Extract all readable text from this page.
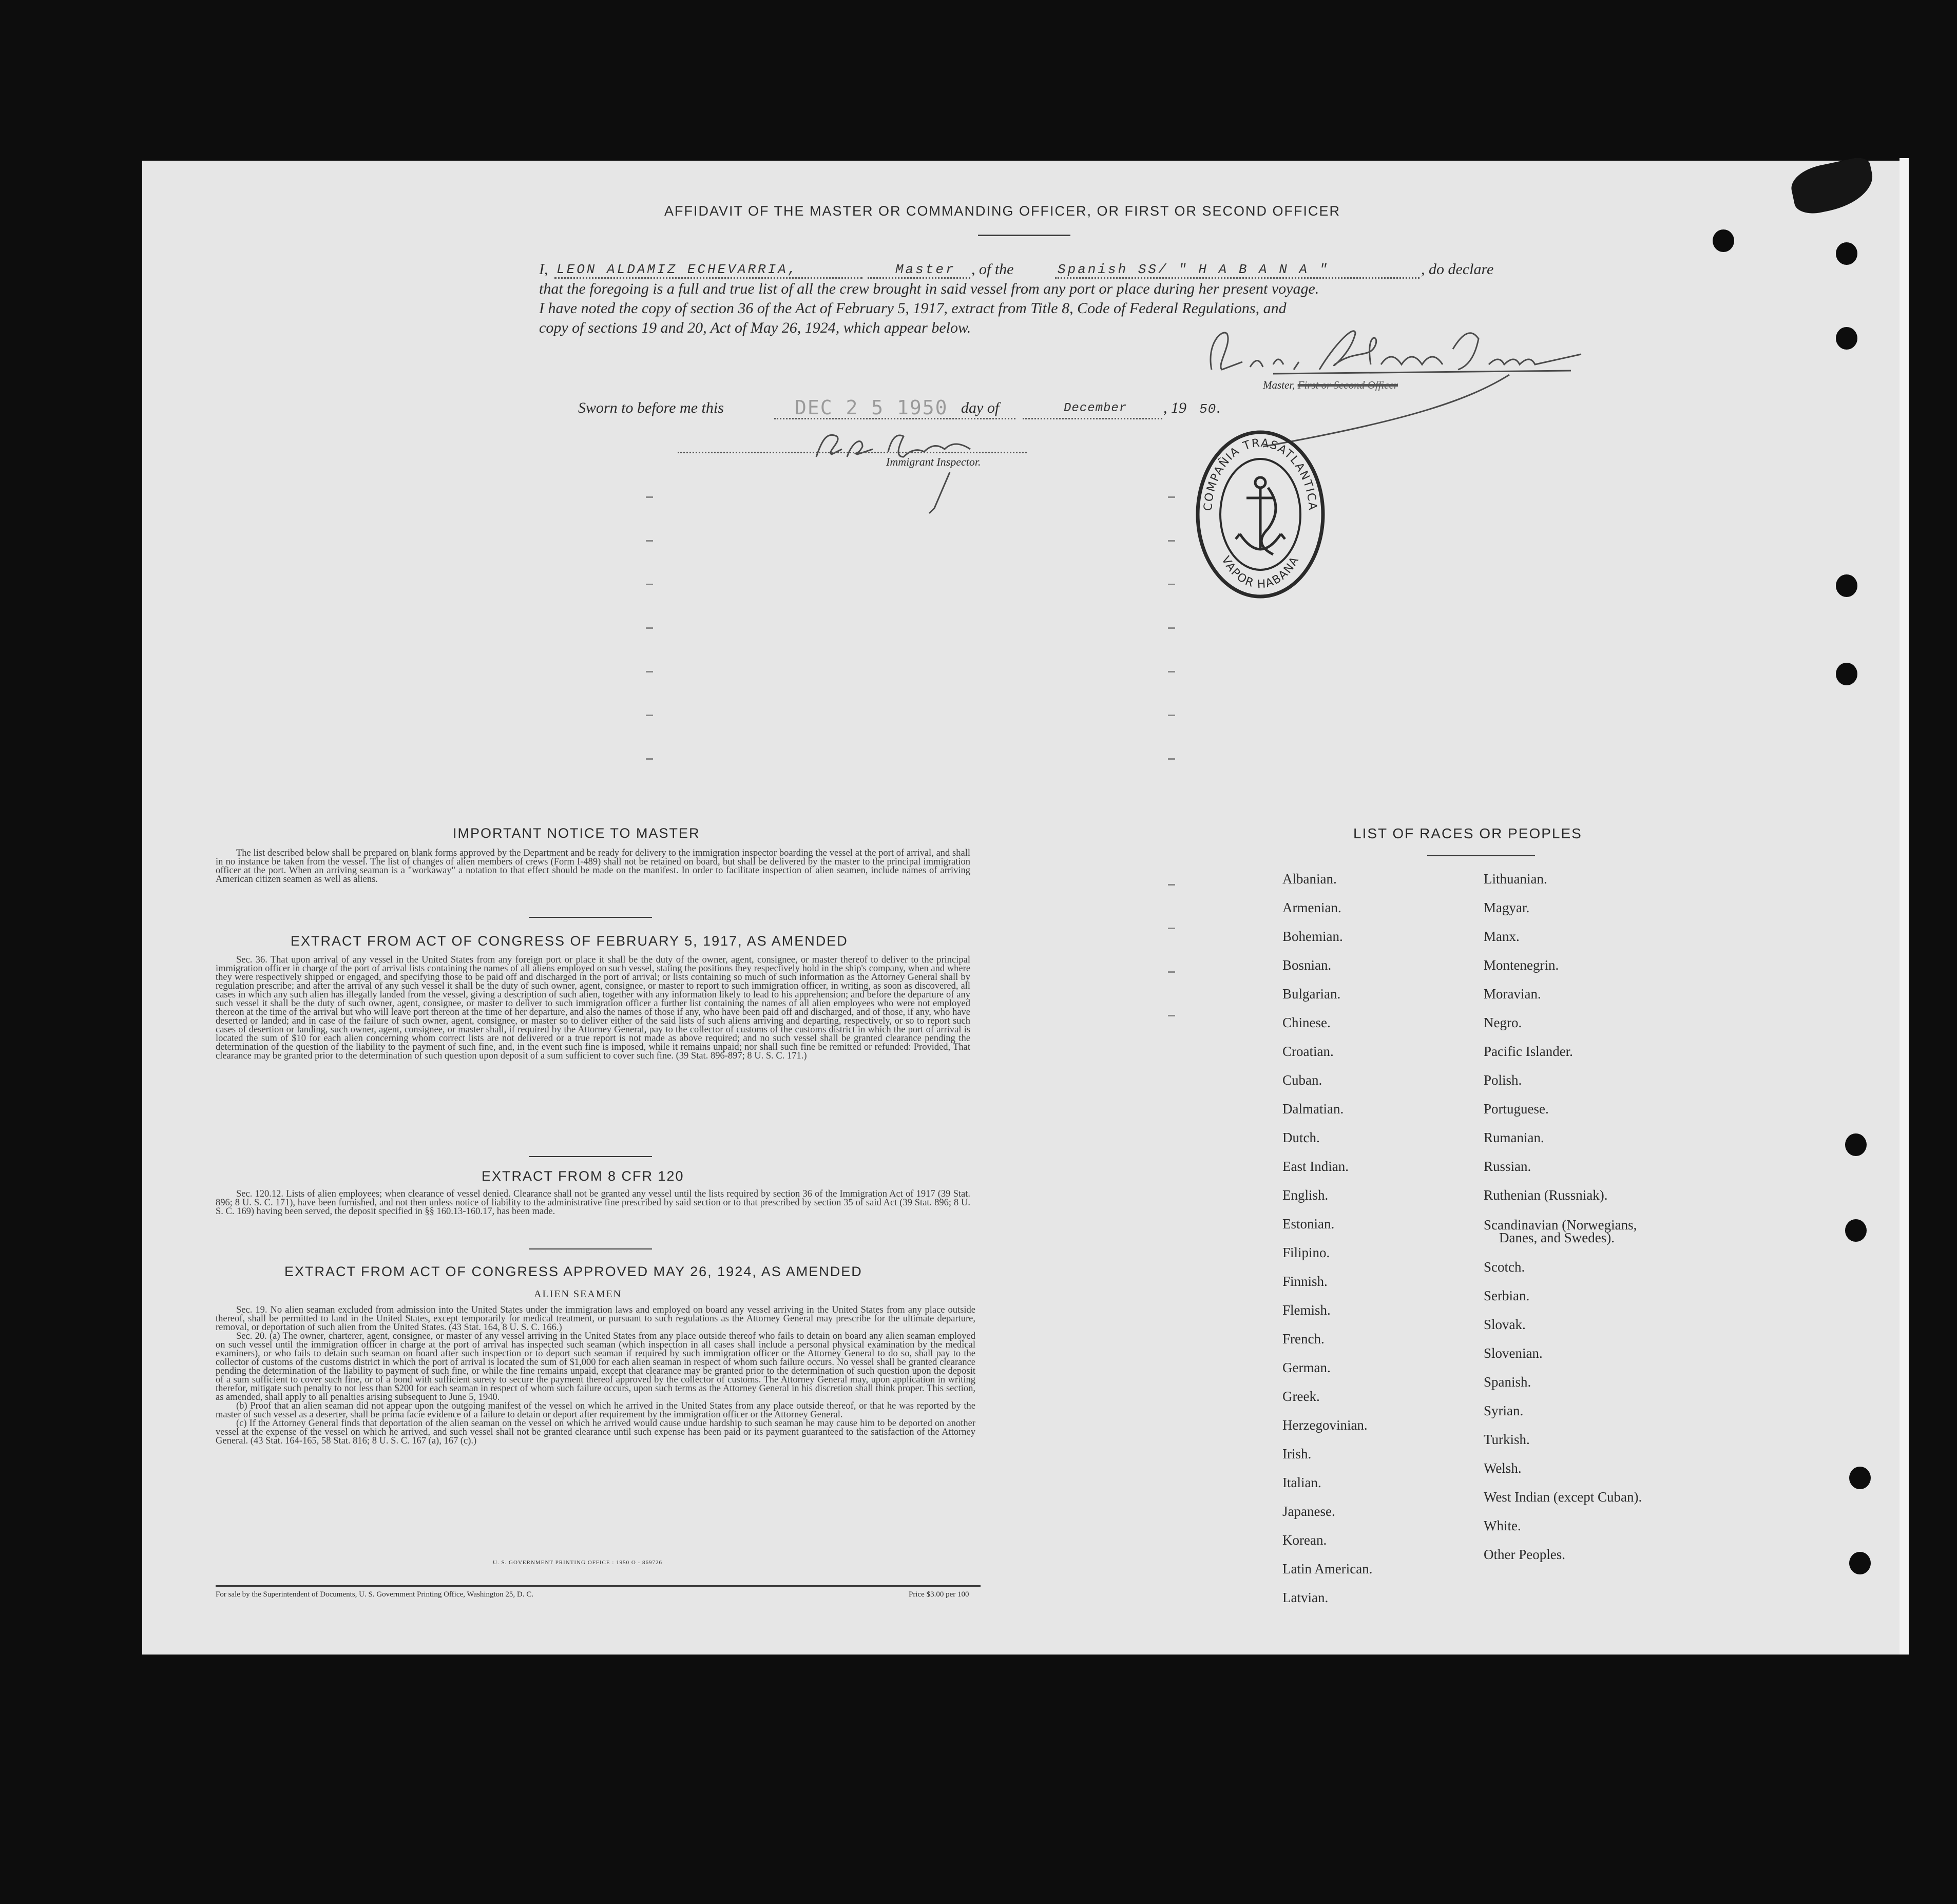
AFFIDAVIT OF THE MASTER OR COMMANDING OFFICER, OR FIRST OR SECOND OFFICER
I, LEON ALDAMIZ ECHEVARRIA,	Master , of the	Spanish SS/ " H A B A N A "	, do declare
that the foregoing is a full and true list of all the crew brought in said vessel from any port or place during her present voyage.
I have noted the copy of section 36 of the Act of February 5, 1917, extract from Title 8, Code of Federal Regulations, and
copy of sections 19 and 20, Act of May 26, 1924, which appear below.
Master, First or Second Officer
Sworn to before me this	DEC 2 5 1950 day of	December , 19 50 .
Immigrant Inspector.
COMPAÑIA TRASATLANTICA
VAPOR HABANA
IMPORTANT NOTICE TO MASTER

The list described below shall be prepared on blank forms approved by the Department and be ready for delivery to the immigration inspector boarding the vessel at the port of arrival, and shall in no instance be taken from the vessel. The list of changes of alien members of crews (Form I-489) shall not be retained on board, but shall be delivered by the master to the principal immigration officer at the port. When an arriving seaman is a "workaway" a notation to that effect should be made on the manifest. In order to facilitate inspection of alien seamen, include names of arriving American citizen seamen as well as aliens.

EXTRACT FROM ACT OF CONGRESS OF FEBRUARY 5, 1917, AS AMENDED

Sec. 36. That upon arrival of any vessel in the United States from any foreign port or place it shall be the duty of the owner, agent, consignee, or master thereof to deliver to the principal immigration officer in charge of the port of arrival lists containing the names of all aliens employed on such vessel, stating the positions they respectively hold in the ship's company, when and where they were respectively shipped or engaged, and specifying those to be paid off and discharged in the port of arrival; or lists containing so much of such information as the Attorney General shall by regulation prescribe; and after the arrival of any such vessel it shall be the duty of such owner, agent, consignee, or master to report to such immigration officer, in writing, as soon as discovered, all cases in which any such alien has illegally landed from the vessel, giving a description of such alien, together with any information likely to lead to his apprehension; and before the departure of any such vessel it shall be the duty of such owner, agent, consignee, or master to deliver to such immigration officer a further list containing the names of all alien employees who were not employed thereon at the time of the arrival but who will leave port thereon at the time of her departure, and also the names of those if any, who have been paid off and discharged, and of those, if any, who have deserted or landed; and in case of the failure of such owner, agent, consignee, or master so to deliver either of the said lists of such aliens arriving and departing, respectively, or so to report such cases of desertion or landing, such owner, agent, consignee, or master shall, if required by the Attorney General, pay to the collector of customs of the customs district in which the port of arrival is located the sum of $10 for each alien concerning whom correct lists are not delivered or a true report is not made as above required; and no such vessel shall be granted clearance pending the determination of the question of the liability to the payment of such fine, and, in the event such fine is imposed, while it remains unpaid; nor shall such fine be remitted or refunded: Provided, That clearance may be granted prior to the determination of such question upon deposit of a sum sufficient to cover such fine. (39 Stat. 896-897; 8 U. S. C. 171.)

EXTRACT FROM 8 CFR 120

Sec. 120.12. Lists of alien employees; when clearance of vessel denied. Clearance shall not be granted any vessel until the lists required by section 36 of the Immigration Act of 1917 (39 Stat. 896; 8 U. S. C. 171), have been furnished, and not then unless notice of liability to the administrative fine prescribed by said section or to that prescribed by section 35 of said Act (39 Stat. 896; 8 U. S. C. 169) having been served, the deposit specified in §§ 160.13-160.17, has been made.

EXTRACT FROM ACT OF CONGRESS APPROVED MAY 26, 1924, AS AMENDED
ALIEN SEAMEN

Sec. 19. No alien seaman excluded from admission into the United States under the immigration laws and employed on board any vessel arriving in the United States from any place outside thereof, shall be permitted to land in the United States, except temporarily for medical treatment, or pursuant to such regulations as the Attorney General may prescribe for the ultimate departure, removal, or deportation of such alien from the United States. (43 Stat. 164, 8 U. S. C. 166.)

Sec. 20. (a) The owner, charterer, agent, consignee, or master of any vessel arriving in the United States from any place outside thereof who fails to detain on board any alien seaman employed on such vessel until the immigration officer in charge at the port of arrival has inspected such seaman (which inspection in all cases shall include a personal physical examination by the medical examiners), or who fails to detain such seaman on board after such inspection or to deport such seaman if required by such immigration officer or the Attorney General to do so, shall pay to the collector of customs of the customs district in which the port of arrival is located the sum of $1,000 for each alien seaman in respect of whom such failure occurs. No vessel shall be granted clearance pending the determination of the liability to payment of such fine, or while the fine remains unpaid, except that clearance may be granted prior to the determination of such question upon the deposit of a sum sufficient to cover such fine, or of a bond with sufficient surety to secure the payment thereof approved by the collector of customs. The Attorney General may, upon application in writing therefor, mitigate such penalty to not less than $200 for each seaman in respect of whom such failure occurs, upon such terms as the Attorney General in his discretion shall think proper. This section, as amended, shall apply to all penalties arising subsequent to June 5, 1940.

(b) Proof that an alien seaman did not appear upon the outgoing manifest of the vessel on which he arrived in the United States from any place outside thereof, or that he was reported by the master of such vessel as a deserter, shall be prima facie evidence of a failure to detain or deport after requirement by the immigration officer or the Attorney General.

(c) If the Attorney General finds that deportation of the alien seaman on the vessel on which he arrived would cause undue hardship to such seaman he may cause him to be deported on another vessel at the expense of the vessel on which he arrived, and such vessel shall not be granted clearance until such expense has been paid or its payment guaranteed to the satisfaction of the Attorney General. (43 Stat. 164-165, 58 Stat. 816; 8 U. S. C. 167 (a), 167 (c).)

U. S. GOVERNMENT PRINTING OFFICE : 1950 O - 869726
For sale by the Superintendent of Documents, U. S. Government Printing Office, Washington 25, D. C.	Price $3.00 per 100
LIST OF RACES OR PEOPLES
Albanian.
Armenian.
Bohemian.
Bosnian.
Bulgarian.
Chinese.
Croatian.
Cuban.
Dalmatian.
Dutch.
East Indian.
English.
Estonian.
Filipino.
Finnish.
Flemish.
French.
German.
Greek.
Herzegovinian.
Irish.
Italian.
Japanese.
Korean.
Latin American.
Latvian.
Lithuanian.
Magyar.
Manx.
Montenegrin.
Moravian.
Negro.
Pacific Islander.
Polish.
Portuguese.
Rumanian.
Russian.
Ruthenian (Russniak).
Scandinavian (Norwegians,
Danes, and Swedes).
Scotch.
Serbian.
Slovak.
Slovenian.
Spanish.
Syrian.
Turkish.
Welsh.
West Indian (except Cuban).
White.
Other Peoples.
